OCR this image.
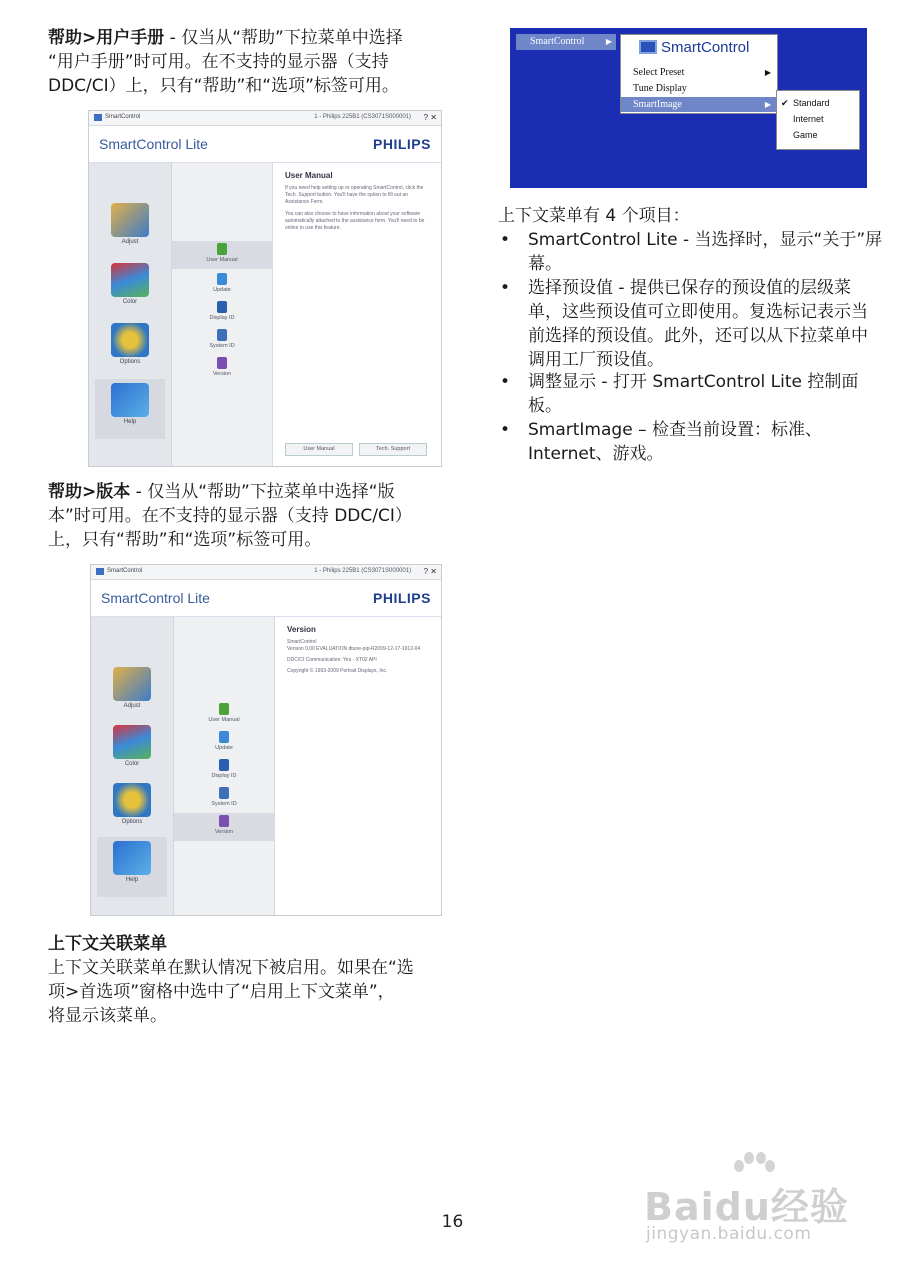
帮助>用户手册 - 仅当从“帮助”下拉菜单中选择
“用户手册”时可用。在不支持的显示器（支持
DDC/CI）上，只有“帮助”和“选项”标签可用。
SmartControl	1 - Philips 225B1 (CS3071S000001) ? ✕
SmartControl Lite	PHILIPS
Adjust
Color
Options
Help
User Manual
Update
Display ID
System ID
Version
User Manual
If you need help setting up or operating SmartControl, click the Tech. Support button. You'll have the option to fill out an Assistance Form.
You can also choose to have information about your software automatically attached to the assistance form. You'll need to be online to use this feature.
User Manual	Tech. Support
帮助>版本 - 仅当从“帮助”下拉菜单中选择“版
本”时可用。在不支持的显示器（支持 DDC/CI）
上，只有“帮助”和“选项”标签可用。
SmartControl	1 - Philips 225B1 (CS3071S000001) ? ✕
SmartControl Lite	PHILIPS
Adjust
Color
Options
Help
User Manual
Update
Display ID
System ID
Version
Version
SmartControl
Version 0.00 EVALUATION dtune-pip-R2009-12-17-1912-04
DDC/CI Communication: Yes - XT02 API
Copyright © 1993-2009 Portrait Displays, Inc.
上下文关联菜单
上下文关联菜单在默认情况下被启用。如果在“选
项>首选项”窗格中选中了“启用上下文菜单”，
将显示该菜单。
SmartControl	▶	SmartControl
Select Preset	▶
Tune Display
SmartImage	▶ ✔ Standard
Internet
Game
上下文菜单有 4 个项目：
• SmartControl Lite - 当选择时，显示“关于”屏幕。
• 选择预设值 - 提供已保存的预设值的层级菜单，这些预设值可立即使用。复选标记表示当前选择的预设值。此外，还可以从下拉菜单中调用工厂预设值。
• 调整显示 - 打开 SmartControl Lite 控制面板。
• SmartImage – 检查当前设置：标准、Internet、游戏。
16	Baidu经验
jingyan.baidu.com
